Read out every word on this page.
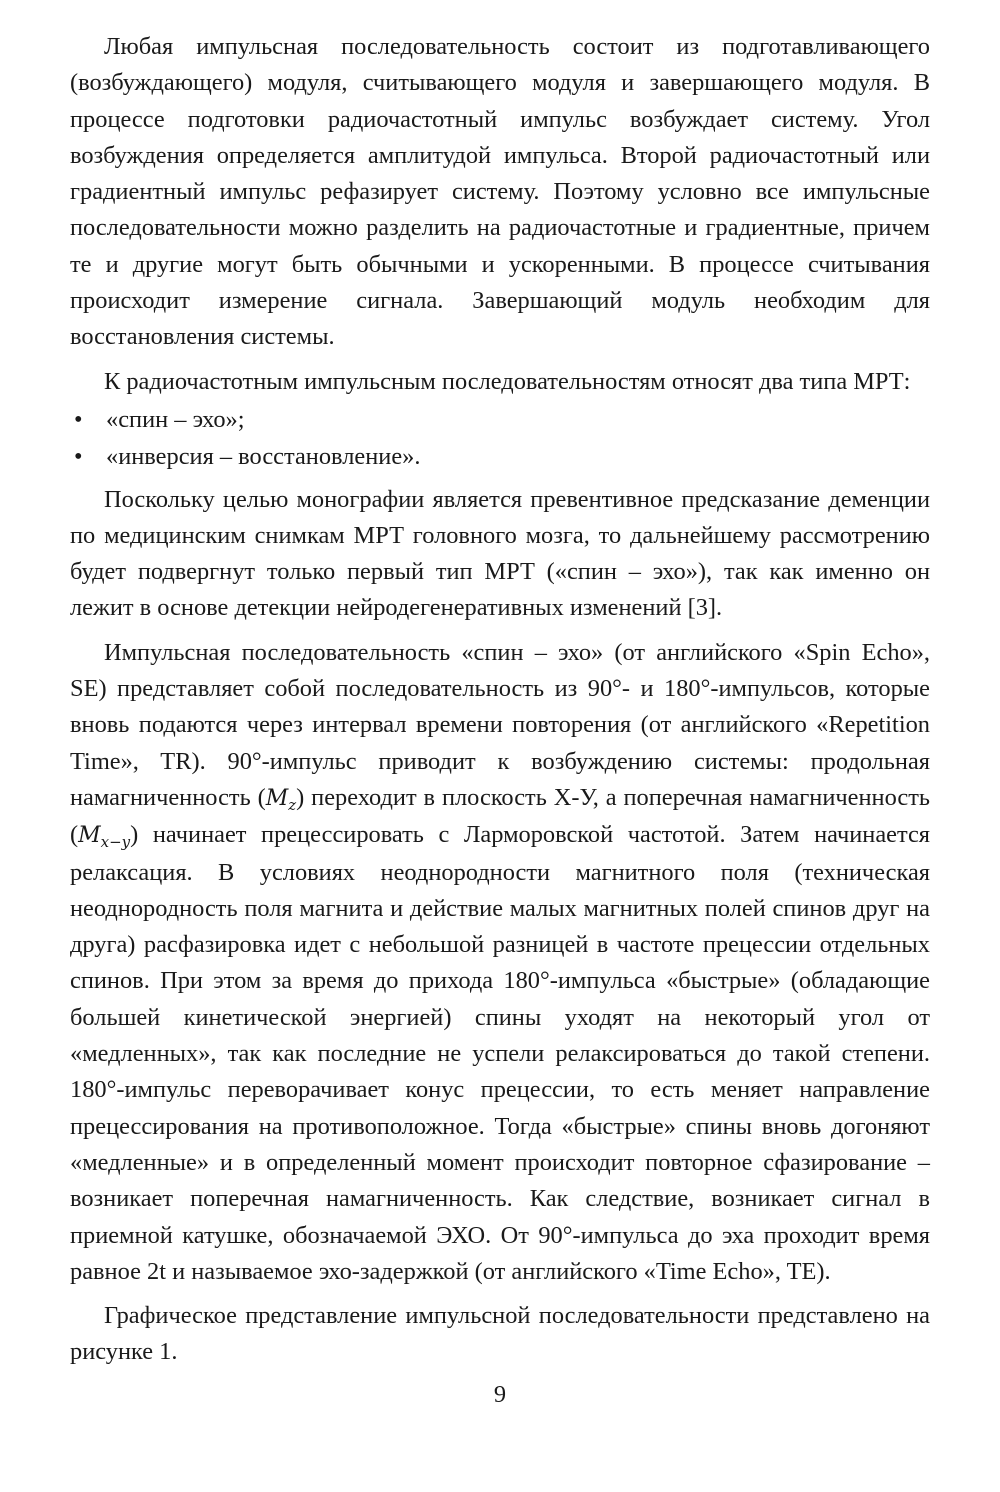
Любая импульсная последовательность состоит из подготавливающего (возбуждающего) модуля, считывающего модуля и завершающего модуля. В процессе подготовки радиочастотный импульс возбуждает систему. Угол возбуждения определяется амплитудой импульса. Второй радиочастотный или градиентный импульс рефазирует систему. Поэтому условно все импульсные последовательности можно разделить на радиочастотные и градиентные, причем те и другие могут быть обычными и ускоренными. В процессе считывания происходит измерение сигнала. Завершающий модуль необходим для восстановления системы.

К радиочастотным импульсным последовательностям относят два типа МРТ:

• «спин – эхо»;
• «инверсия – восстановление».

Поскольку целью монографии является превентивное предсказание деменции по медицинским снимкам МРТ головного мозга, то дальнейшему рассмотрению будет подвергнут только первый тип МРТ («спин – эхо»), так как именно он лежит в основе детекции нейродегенеративных изменений [3].

Импульсная последовательность «спин – эхо» (от английского «Spin Echo», SE) представляет собой последовательность из 90°- и 180°-импульсов, которые вновь подаются через интервал времени повторения (от английского «Repetition Time», TR). 90°-импульс приводит к возбуждению системы: продольная намагниченность $(M_z)$ переходит в плоскость Х-У, а поперечная намагниченность $(M_{x-y})$ начинает прецессировать с Ларморовской частотой. Затем начинается релаксация. В условиях неоднородности магнитного поля (техническая неоднородность поля магнита и действие малых магнитных полей спинов друг на друга) расфазировка идет с небольшой разницей в частоте прецессии отдельных спинов. При этом за время до прихода 180°-импульса «быстрые» (обладающие большей кинетической энергией) спины уходят на некоторый угол от «медленных», так как последние не успели релаксироваться до такой степени. 180°-импульс переворачивает конус прецессии, то есть меняет направление прецессирования на противоположное. Тогда «быстрые» спины вновь догоняют «медленные» и в определенный момент происходит повторное сфазирование – возникает поперечная намагниченность. Как следствие, возникает сигнал в приемной катушке, обозначаемой ЭХО. От 90°-импульса до эха проходит время равное 2t и называемое эхо-задержкой (от английского «Time Echo», TE).

Графическое представление импульсной последовательности представлено на рисунке 1.

9
